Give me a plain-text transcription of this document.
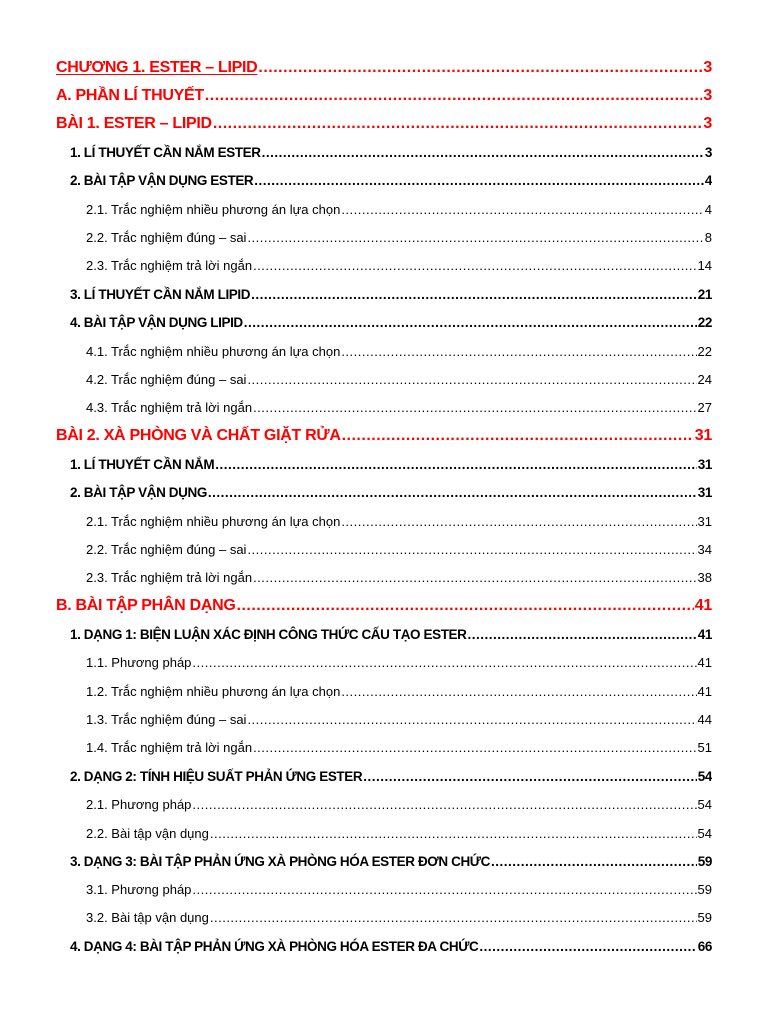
CHƯƠNG 1. ESTER – LIPID .....	3
A. PHẦN LÍ THUYẾT .....	3
BÀI 1. ESTER – LIPID .....	3
1. LÍ THUYẾT CẦN NẮM ESTER .....	3
2. BÀI TẬP VẬN DỤNG ESTER .....	4
2.1. Trắc nghiệm nhiều phương án lựa chọn .....	4
2.2. Trắc nghiệm đúng – sai .....	8
2.3. Trắc nghiệm trả lời ngắn .....	14
3. LÍ THUYẾT CẦN NẮM LIPID .....	21
4. BÀI TẬP VẬN DỤNG LIPID .....	22
4.1. Trắc nghiệm nhiều phương án lựa chọn .....	22
4.2. Trắc nghiệm đúng – sai .....	24
4.3. Trắc nghiệm trả lời ngắn .....	27
BÀI 2. XÀ PHÒNG VÀ CHẤT GIẶT RỬA .....	31
1. LÍ THUYẾT CẦN NẮM .....	31
2. BÀI TẬP VẬN DỤNG .....	31
2.1. Trắc nghiệm nhiều phương án lựa chọn .....	31
2.2. Trắc nghiệm đúng – sai .....	34
2.3. Trắc nghiệm trả lời ngắn .....	38
B. BÀI TẬP PHÂN DẠNG .....	41
1. DẠNG 1: BIỆN LUẬN XÁC ĐỊNH CÔNG THỨC CẤU TẠO ESTER .....	41
1.1. Phương pháp .....	41
1.2. Trắc nghiệm nhiều phương án lựa chọn .....	41
1.3. Trắc nghiệm đúng – sai .....	44
1.4. Trắc nghiệm trả lời ngắn .....	51
2. DẠNG 2: TÍNH HIỆU SUẤT PHẢN ỨNG ESTER .....	54
2.1. Phương pháp .....	54
2.2. Bài tập vận dụng .....	54
3. DẠNG 3: BÀI TẬP PHẢN ỨNG XÀ PHÒNG HÓA ESTER ĐƠN CHỨC .....	59
3.1. Phương pháp .....	59
3.2. Bài tập vận dụng .....	59
4. DẠNG 4: BÀI TẬP PHẢN ỨNG XÀ PHÒNG HÓA ESTER ĐA CHỨC .....	66
